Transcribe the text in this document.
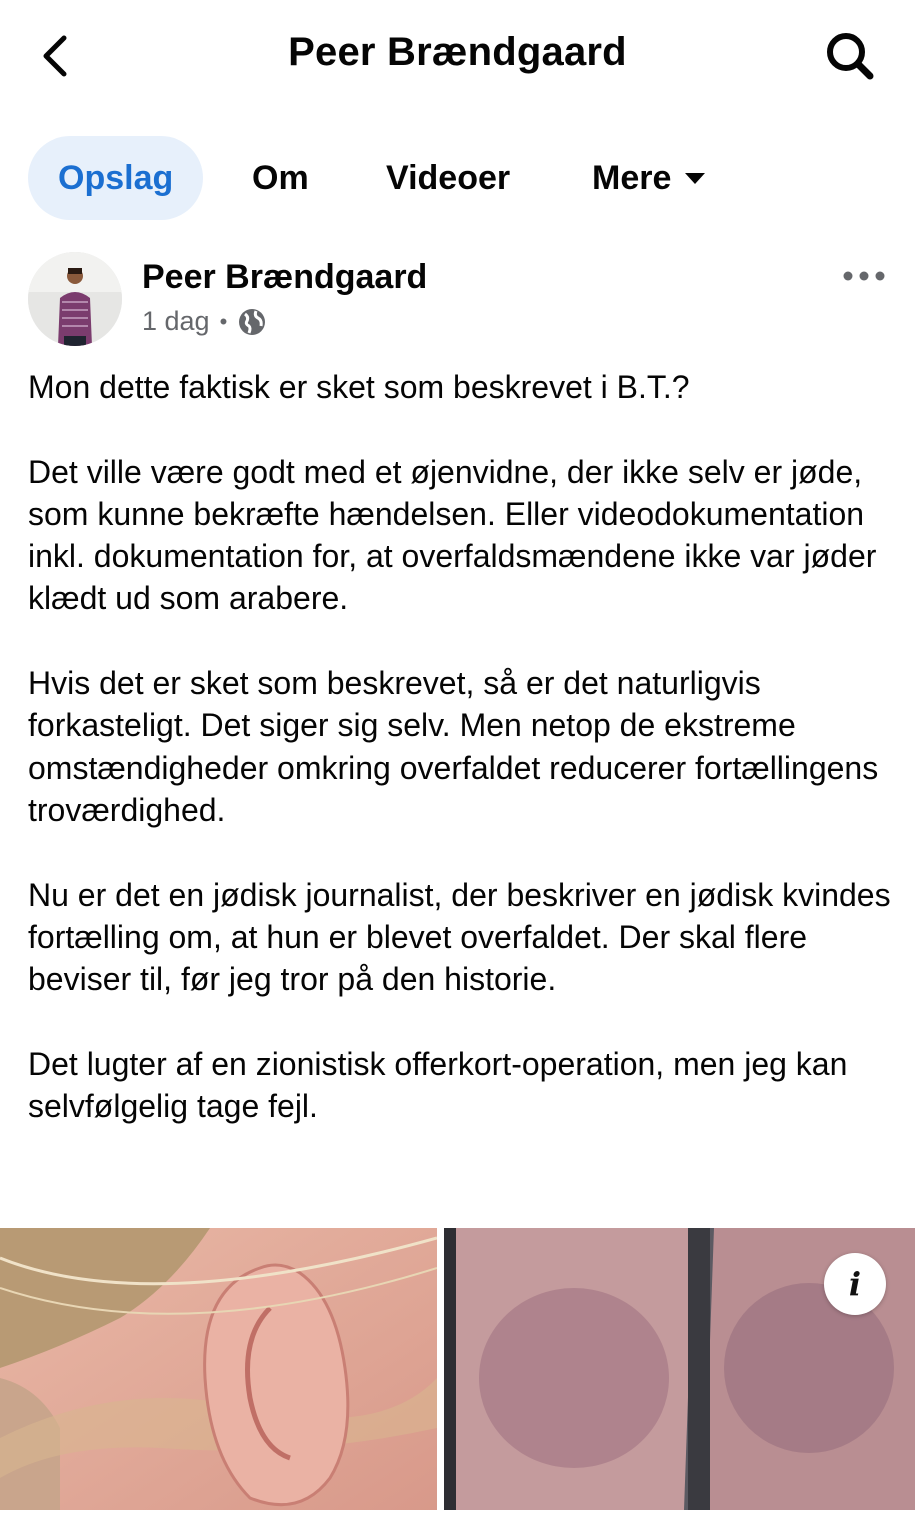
Peer Brændgaard
Opslag	Om Videoer Mere
Peer Brændgaard
1 dag •

Mon dette faktisk er sket som beskrevet i B.T.?

Det ville være godt med et øjenvidne, der ikke selv er jøde, som kunne bekræfte hændelsen. Eller videodokumentation inkl. dokumentation for, at overfaldsmændene ikke var jøder klædt ud som arabere.

Hvis det er sket som beskrevet, så er det naturligvis forkasteligt. Det siger sig selv. Men netop de ekstreme omstændigheder omkring overfaldet reducerer fortællingens troværdighed.

Nu er det en jødisk journalist, der beskriver en jødisk kvindes fortælling om, at hun er blevet overfaldet. Der skal flere beviser til, før jeg tror på den historie.

Det lugter af en zionistisk offerkort-operation, men jeg kan selvfølgelig tage fejl.

i
